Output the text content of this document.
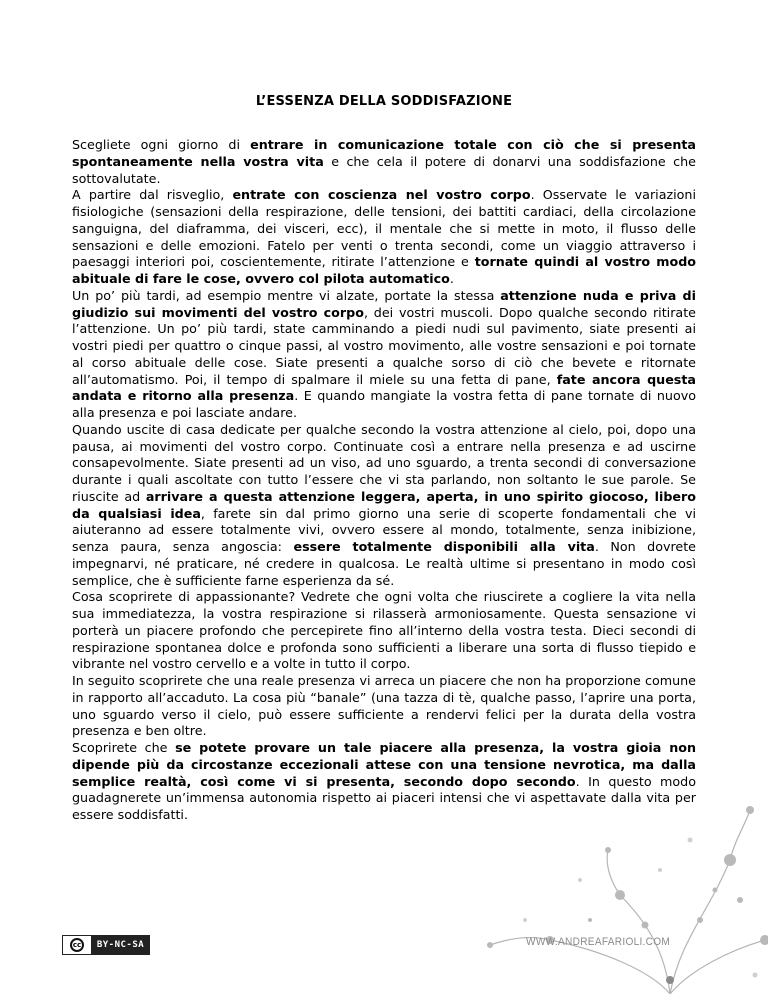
L’ESSENZA DELLA SODDISFAZIONE

Scegliete ogni giorno di entrare in comunicazione totale con ciò che si presenta spontaneamente nella vostra vita e che cela il potere di donarvi una soddisfazione che sottovalutate.

A partire dal risveglio, entrate con coscienza nel vostro corpo. Osservate le variazioni fisiologiche (sensazioni della respirazione, delle tensioni, dei battiti cardiaci, della circolazione sanguigna, del diaframma, dei visceri, ecc), il mentale che si mette in moto, il flusso delle sensazioni e delle emozioni. Fatelo per venti o trenta secondi, come un viaggio attraverso i paesaggi interiori poi, coscientemente, ritirate l’attenzione e tornate quindi al vostro modo abituale di fare le cose, ovvero col pilota automatico.

Un po’ più tardi, ad esempio mentre vi alzate, portate la stessa attenzione nuda e priva di giudizio sui movimenti del vostro corpo, dei vostri muscoli. Dopo qualche secondo ritirate l’attenzione. Un po’ più tardi, state camminando a piedi nudi sul pavimento, siate presenti ai vostri piedi per quattro o cinque passi, al vostro movimento, alle vostre sensazioni e poi tornate al corso abituale delle cose. Siate presenti a qualche sorso di ciò che bevete e ritornate all’automatismo. Poi, il tempo di spalmare il miele su una fetta di pane, fate ancora questa andata e ritorno alla presenza. E quando mangiate la vostra fetta di pane tornate di nuovo alla presenza e poi lasciate andare.

Quando uscite di casa dedicate per qualche secondo la vostra attenzione al cielo, poi, dopo una pausa, ai movimenti del vostro corpo. Continuate così a entrare nella presenza e ad uscirne consapevolmente. Siate presenti ad un viso, ad uno sguardo, a trenta secondi di conversazione durante i quali ascoltate con tutto l’essere che vi sta parlando, non soltanto le sue parole. Se riuscite ad arrivare a questa attenzione leggera, aperta, in uno spirito giocoso, libero da qualsiasi idea, farete sin dal primo giorno una serie di scoperte fondamentali che vi aiuteranno ad essere totalmente vivi, ovvero essere al mondo, totalmente, senza inibizione, senza paura, senza angoscia: essere totalmente disponibili alla vita. Non dovrete impegnarvi, né praticare, né credere in qualcosa. Le realtà ultime si presentano in modo così semplice, che è sufficiente farne esperienza da sé.

Cosa scoprirete di appassionante? Vedrete che ogni volta che riuscirete a cogliere la vita nella sua immediatezza, la vostra respirazione si rilasserà armoniosamente. Questa sensazione vi porterà un piacere profondo che percepirete fino all’interno della vostra testa. Dieci secondi di respirazione spontanea dolce e profonda sono sufficienti a liberare una sorta di flusso tiepido e vibrante nel vostro cervello e a volte in tutto il corpo.

In seguito scoprirete che una reale presenza vi arreca un piacere che non ha proporzione comune in rapporto all’accaduto. La cosa più “banale” (una tazza di tè, qualche passo, l’aprire una porta, uno sguardo verso il cielo, può essere sufficiente a rendervi felici per la durata della vostra presenza e ben oltre.

Scoprirete che se potete provare un tale piacere alla presenza, la vostra gioia non dipende più da circostanze eccezionali attese con una tensione nevrotica, ma dalla semplice realtà, così come vi si presenta, secondo dopo secondo. In questo modo guadagnerete un’immensa autonomia rispetto ai piaceri intensi che vi aspettavate dalla vita per essere soddisfatti.

cc	BY-NC-SA	WWW.ANDREAFARIOLI.COM
